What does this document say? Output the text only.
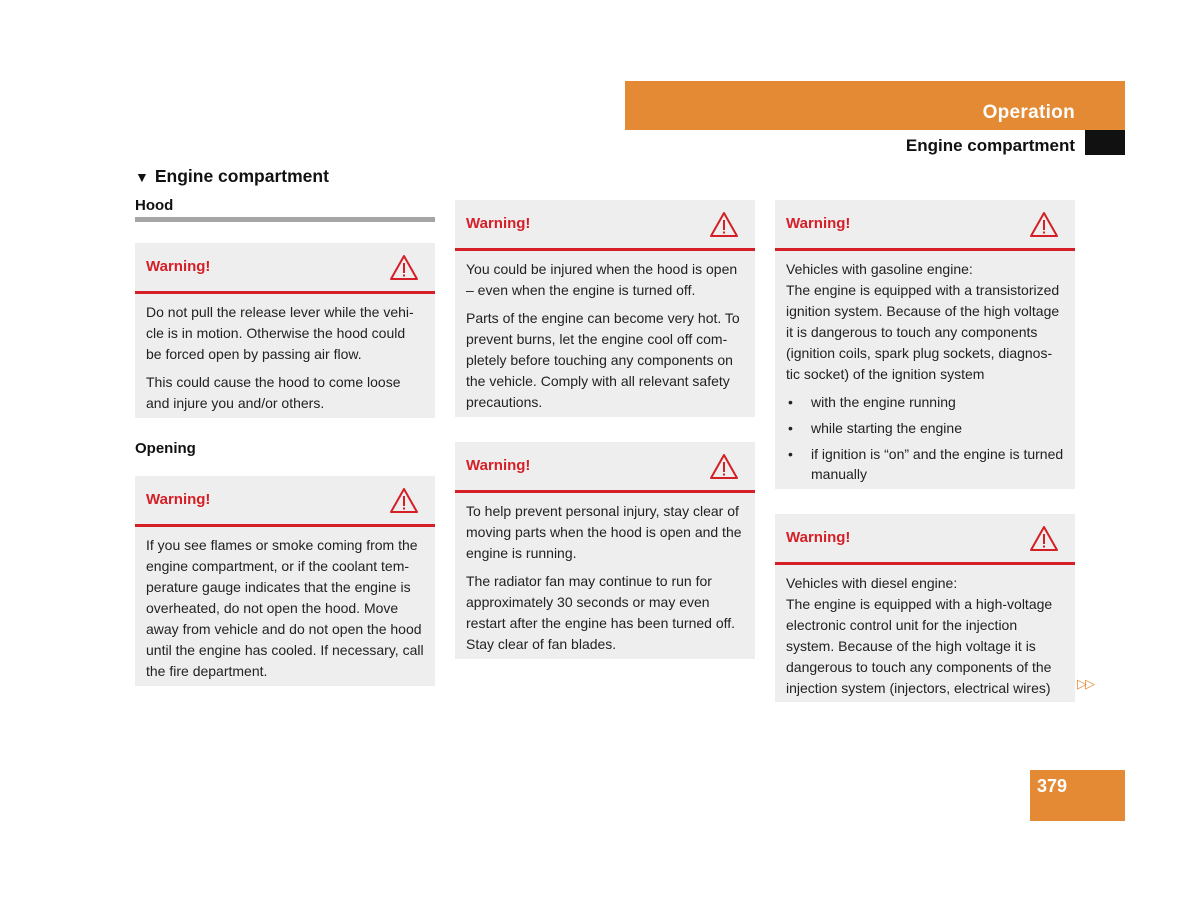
Operation
Engine compartment
▼ Engine compartment
Hood
Warning!

Do not pull the release lever while the vehi-cle is in motion. Otherwise the hood could be forced open by passing air flow.

This could cause the hood to come loose and injure you and/or others.

Opening
Warning!

If you see flames or smoke coming from the engine compartment, or if the coolant tem-perature gauge indicates that the engine is overheated, do not open the hood. Move away from vehicle and do not open the hood until the engine has cooled. If necessary, call the fire department.

Warning!

You could be injured when the hood is open – even when the engine is turned off.

Parts of the engine can become very hot. To prevent burns, let the engine cool off com-pletely before touching any components on the vehicle. Comply with all relevant safety precautions.

Warning!

To help prevent personal injury, stay clear of moving parts when the hood is open and the engine is running.

The radiator fan may continue to run for approximately 30 seconds or may even restart after the engine has been turned off. Stay clear of fan blades.

Warning!

Vehicles with gasoline engine:

The engine is equipped with a transistorized ignition system. Because of the high voltage it is dangerous to touch any components (ignition coils, spark plug sockets, diagnos-tic socket) of the ignition system

• with the engine running
• while starting the engine
• if ignition is “on” and the engine is turned manually
Warning!

Vehicles with diesel engine:

The engine is equipped with a high-voltage electronic control unit for the injection system. Because of the high voltage it is dangerous to touch any components of the injection system (injectors, electrical wires)	▷▷
379
